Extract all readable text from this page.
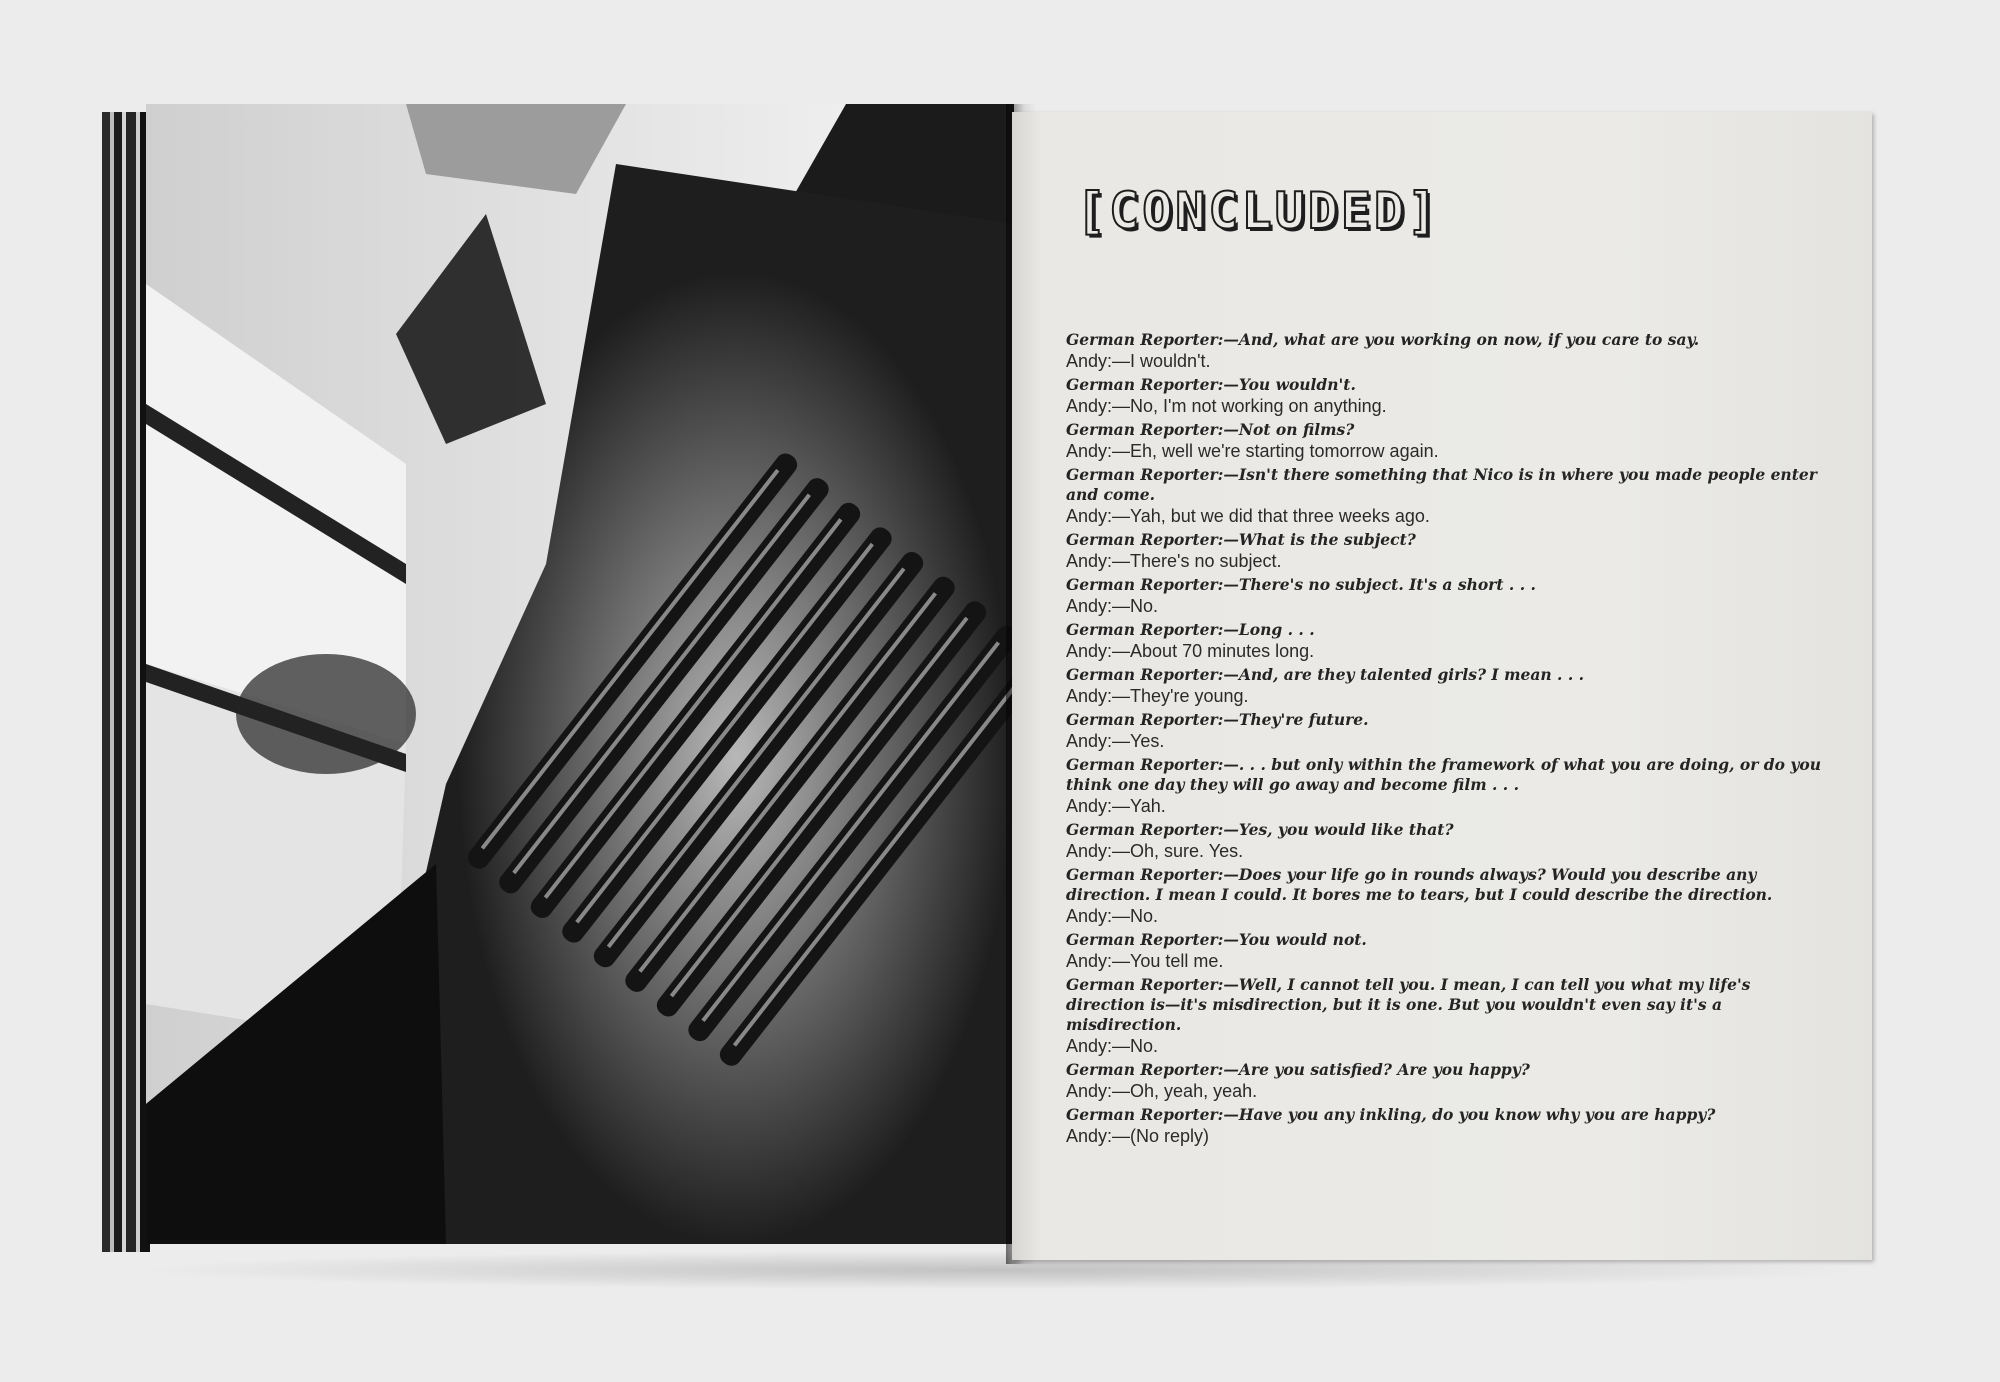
[CONCLUDED]
German Reporter:—And, what are you working on now, if you care to say.
Andy:—I wouldn't.
German Reporter:—You wouldn't.
Andy:—No, I'm not working on anything.
German Reporter:—Not on films?
Andy:—Eh, well we're starting tomorrow again.
German Reporter:—Isn't there something that Nico is in where you made people enter and come.
Andy:—Yah, but we did that three weeks ago.
German Reporter:—What is the subject?
Andy:—There's no subject.
German Reporter:—There's no subject. It's a short . . .
Andy:—No.
German Reporter:—Long . . .
Andy:—About 70 minutes long.
German Reporter:—And, are they talented girls? I mean . . .
Andy:—They're young.
German Reporter:—They're future.
Andy:—Yes.
German Reporter:—. . . but only within the framework of what you are doing, or do you think one day they will go away and become film . . .
Andy:—Yah.
German Reporter:—Yes, you would like that?
Andy:—Oh, sure. Yes.
German Reporter:—Does your life go in rounds always? Would you describe any direction. I mean I could. It bores me to tears, but I could describe the direction.
Andy:—No.
German Reporter:—You would not.
Andy:—You tell me.
German Reporter:—Well, I cannot tell you. I mean, I can tell you what my life's direction is—it's misdirection, but it is one. But you wouldn't even say it's a misdirection.
Andy:—No.
German Reporter:—Are you satisfied? Are you happy?
Andy:—Oh, yeah, yeah.
German Reporter:—Have you any inkling, do you know why you are happy?
Andy:—(No reply)
